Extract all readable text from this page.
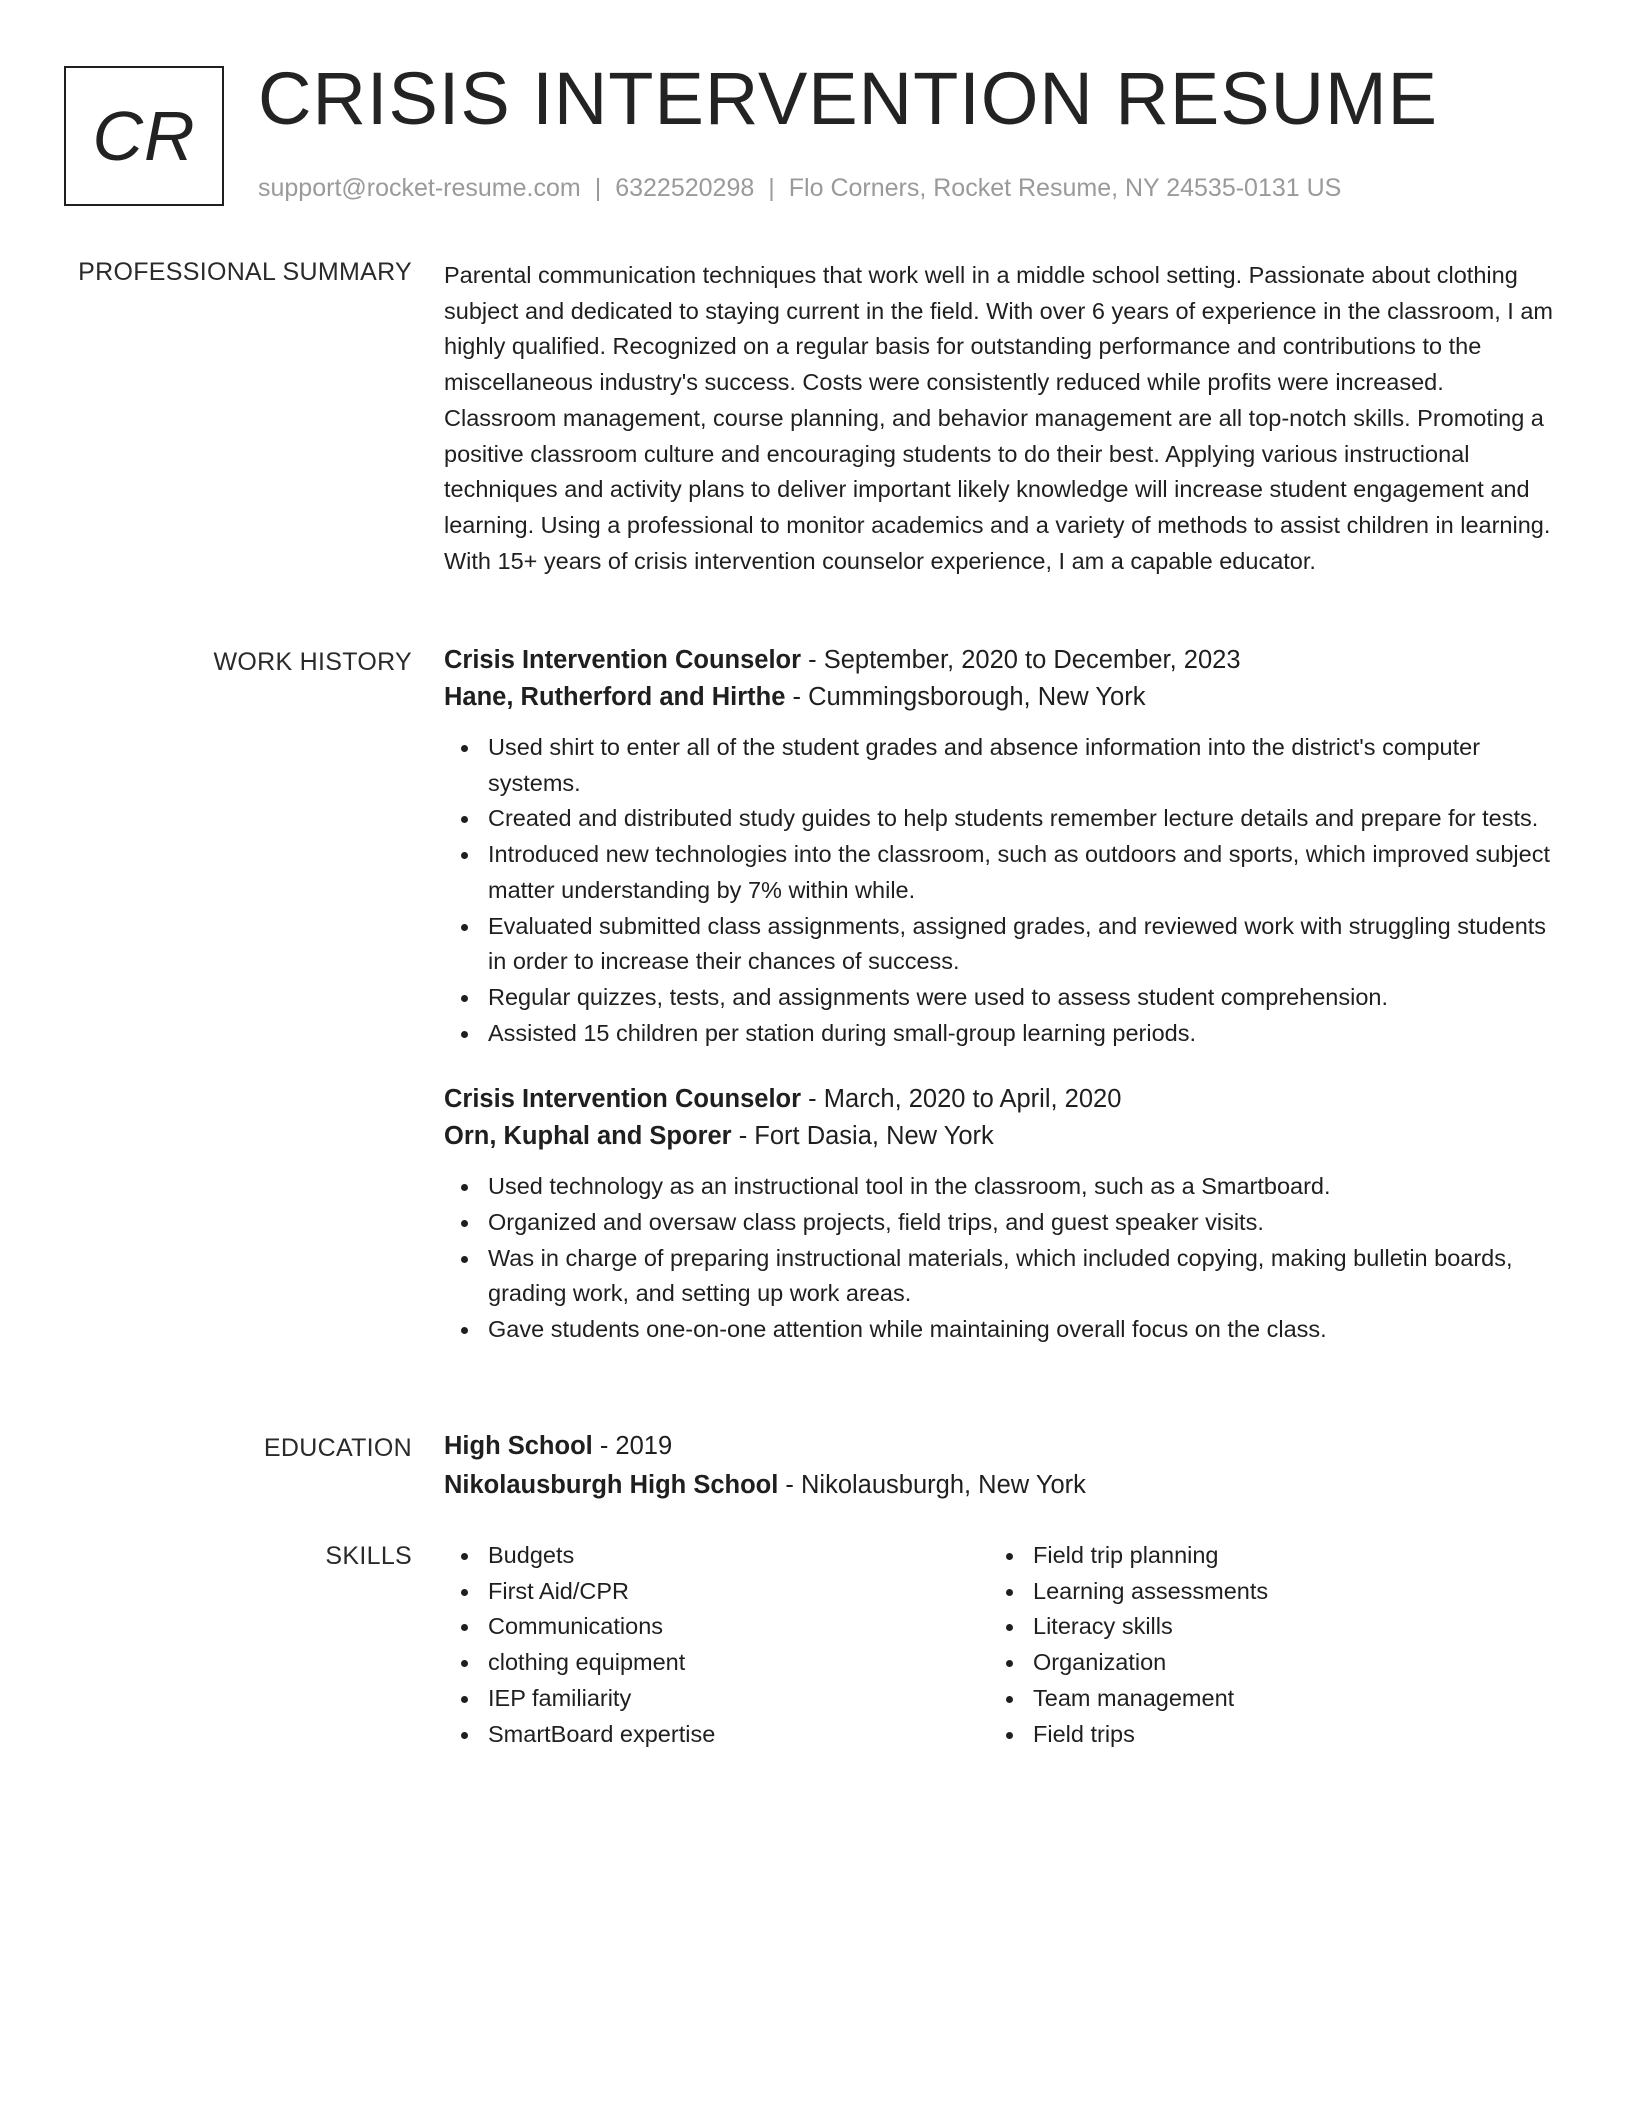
CR CRISIS INTERVENTION RESUME
support@rocket-resume.com | 6322520298 | Flo Corners, Rocket Resume, NY 24535-0131 US
PROFESSIONAL SUMMARY Parental communication techniques that work well in a middle school setting. Passionate about clothing subject and dedicated to staying current in the field. With over 6 years of experience in the classroom, I am highly qualified. Recognized on a regular basis for outstanding performance and contributions to the miscellaneous industry's success. Costs were consistently reduced while profits were increased. Classroom management, course planning, and behavior management are all top-notch skills. Promoting a positive classroom culture and encouraging students to do their best. Applying various instructional techniques and activity plans to deliver important likely knowledge will increase student engagement and learning. Using a professional to monitor academics and a variety of methods to assist children in learning. With 15+ years of crisis intervention counselor experience, I am a capable educator.

WORK HISTORY Crisis Intervention Counselor - September, 2020 to December, 2023
Hane, Rutherford and Hirthe - Cummingsborough, New York
Used shirt to enter all of the student grades and absence information into the district's computer systems.
Created and distributed study guides to help students remember lecture details and prepare for tests.
Introduced new technologies into the classroom, such as outdoors and sports, which improved subject matter understanding by 7% within while.
Evaluated submitted class assignments, assigned grades, and reviewed work with struggling students in order to increase their chances of success.
Regular quizzes, tests, and assignments were used to assess student comprehension.
Assisted 15 children per station during small-group learning periods.
Crisis Intervention Counselor - March, 2020 to April, 2020
Orn, Kuphal and Sporer - Fort Dasia, New York
Used technology as an instructional tool in the classroom, such as a Smartboard.
Organized and oversaw class projects, field trips, and guest speaker visits.
Was in charge of preparing instructional materials, which included copying, making bulletin boards, grading work, and setting up work areas.
Gave students one-on-one attention while maintaining overall focus on the class.
EDUCATION High School - 2019
Nikolausburgh High School - Nikolausburgh, New York
SKILLS	Budgets
First Aid/CPR
Communications
clothing equipment
IEP familiarity
SmartBoard expertise
Field trip planning
Learning assessments
Literacy skills
Organization
Team management
Field trips
